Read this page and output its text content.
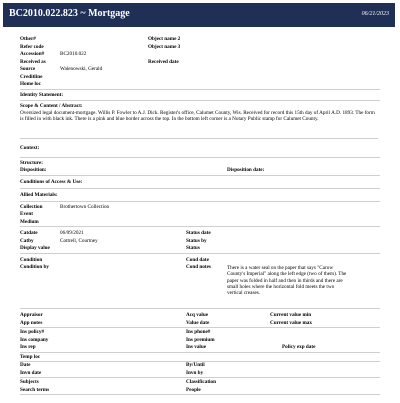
BC2010.022.823 ~ Mortgage	06/21/2023
Other#	Object name 2
Refer code	Object name 3
Accession#	BC2010.022
Received as	Received date
Source	Walenowski, Gerald
Creditline
Home loc
Identity Statement:
Scope & Content / Abstract:
Oversized legal document-mortgage. Willis P. Fowler to A.J. Dick. Register's office, Calumet County, Wis. Received for record this 15th day of April A.D. 1893. The form is filled in with black ink. There is a pink and blue border across the top. In the bottom left corner is a Notary Public stamp for Calumet County.
Context:
Structure:
Disposition:	Disposition date:
Conditions of Access & Use:
Allied Materials:
Collection	Brothertown Collection
Event
Medium
Catdate	06/09/2021	Status date
Catby	Cottrell, Courtney	Status by
Display value	Status
Condition	Cond date
Condition by	Cond notes	There is a water seal on the paper that says "Carow County's Imperial" along the left edge (two of them). The paper was folded in half and then in thirds and there are small holes where the horizontal fold meets the two vertical creases.
Appraisor	Acq value	Current value min
App notes	Value date	Current value max
Ins policy#	Ins phone#
Ins company	Ins premium
Ins rep	Ins value	Policy exp date
Temp loc
Date	By/Until
Invn date	Invn by
Subjects	Classification
Search terms	People
